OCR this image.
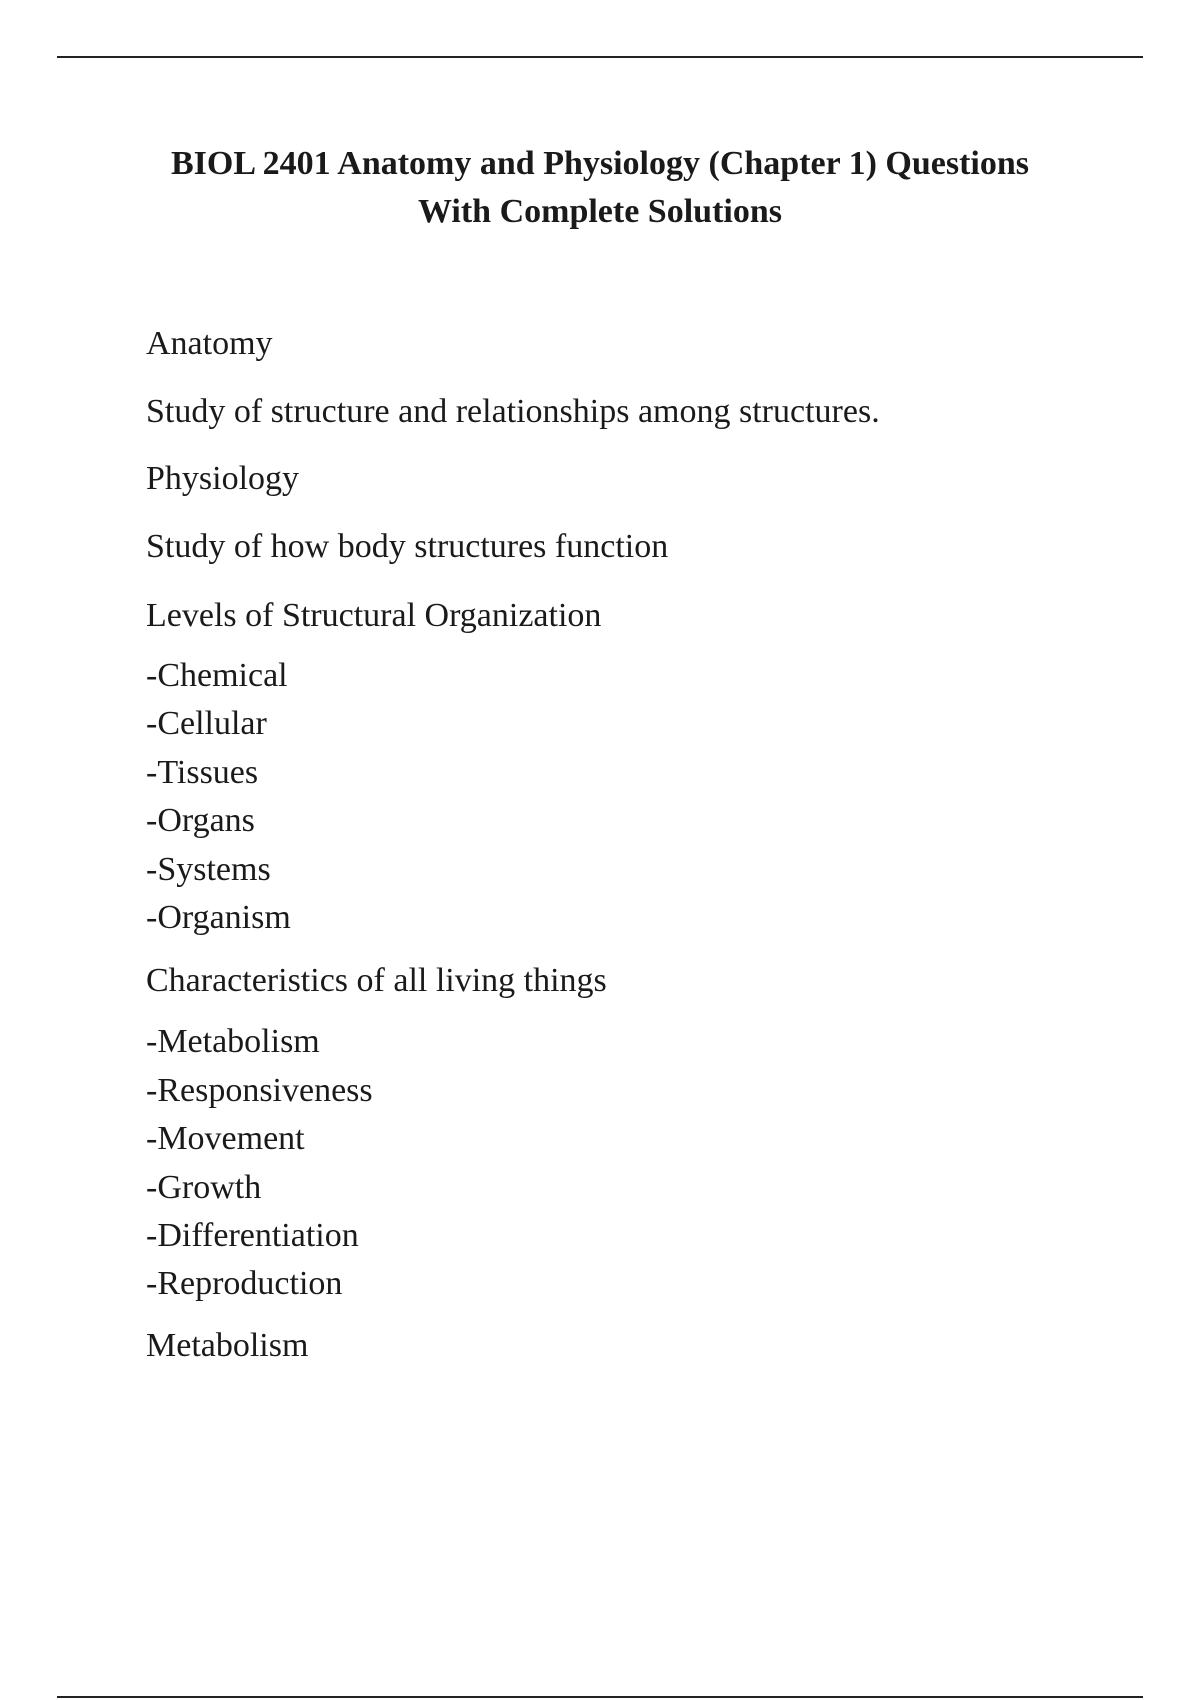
BIOL 2401 Anatomy and Physiology (Chapter 1) Questions
With Complete Solutions
Anatomy
Study of structure and relationships among structures.
Physiology
Study of how body structures function
Levels of Structural Organization
-Chemical
-Cellular
-Tissues
-Organs
-Systems
-Organism
Characteristics of all living things
-Metabolism
-Responsiveness
-Movement
-Growth
-Differentiation
-Reproduction
Metabolism
